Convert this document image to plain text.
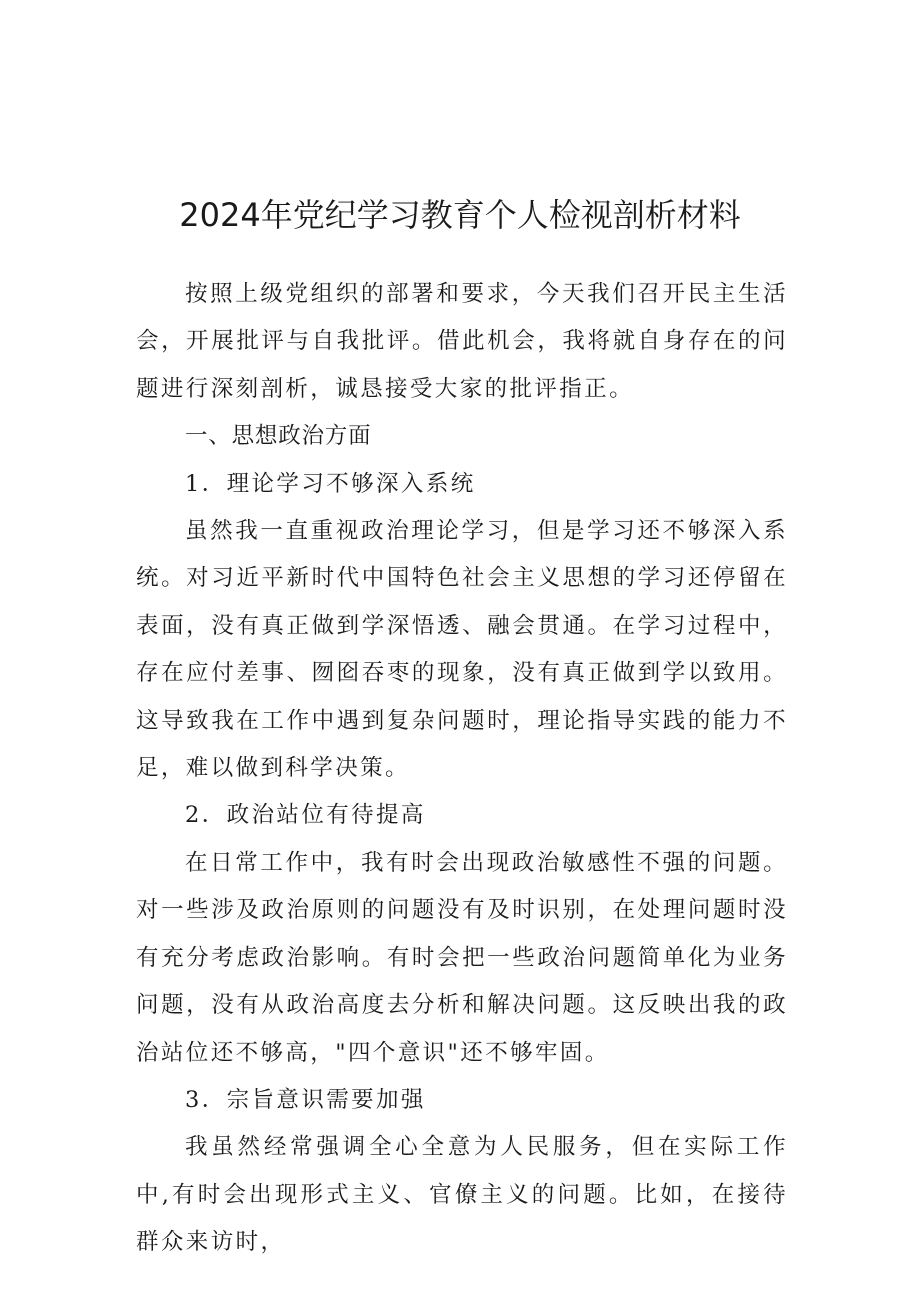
2024年党纪学习教育个人检视剖析材料

按照上级党组织的部署和要求，今天我们召开民主生活会，开展批评与自我批评。借此机会，我将就自身存在的问题进行深刻剖析，诚恳接受大家的批评指正。

一、思想政治方面

1．理论学习不够深入系统

虽然我一直重视政治理论学习，但是学习还不够深入系统。对习近平新时代中国特色社会主义思想的学习还停留在表面，没有真正做到学深悟透、融会贯通。在学习过程中，存在应付差事、囫囵吞枣的现象，没有真正做到学以致用。这导致我在工作中遇到复杂问题时，理论指导实践的能力不足，难以做到科学决策。

2．政治站位有待提高

在日常工作中，我有时会出现政治敏感性不强的问题。对一些涉及政治原则的问题没有及时识别，在处理问题时没有充分考虑政治影响。有时会把一些政治问题简单化为业务问题，没有从政治高度去分析和解决问题。这反映出我的政治站位还不够高，"四个意识"还不够牢固。

3．宗旨意识需要加强

我虽然经常强调全心全意为人民服务，但在实际工作中,有时会出现形式主义、官僚主义的问题。比如，在接待群众来访时，
